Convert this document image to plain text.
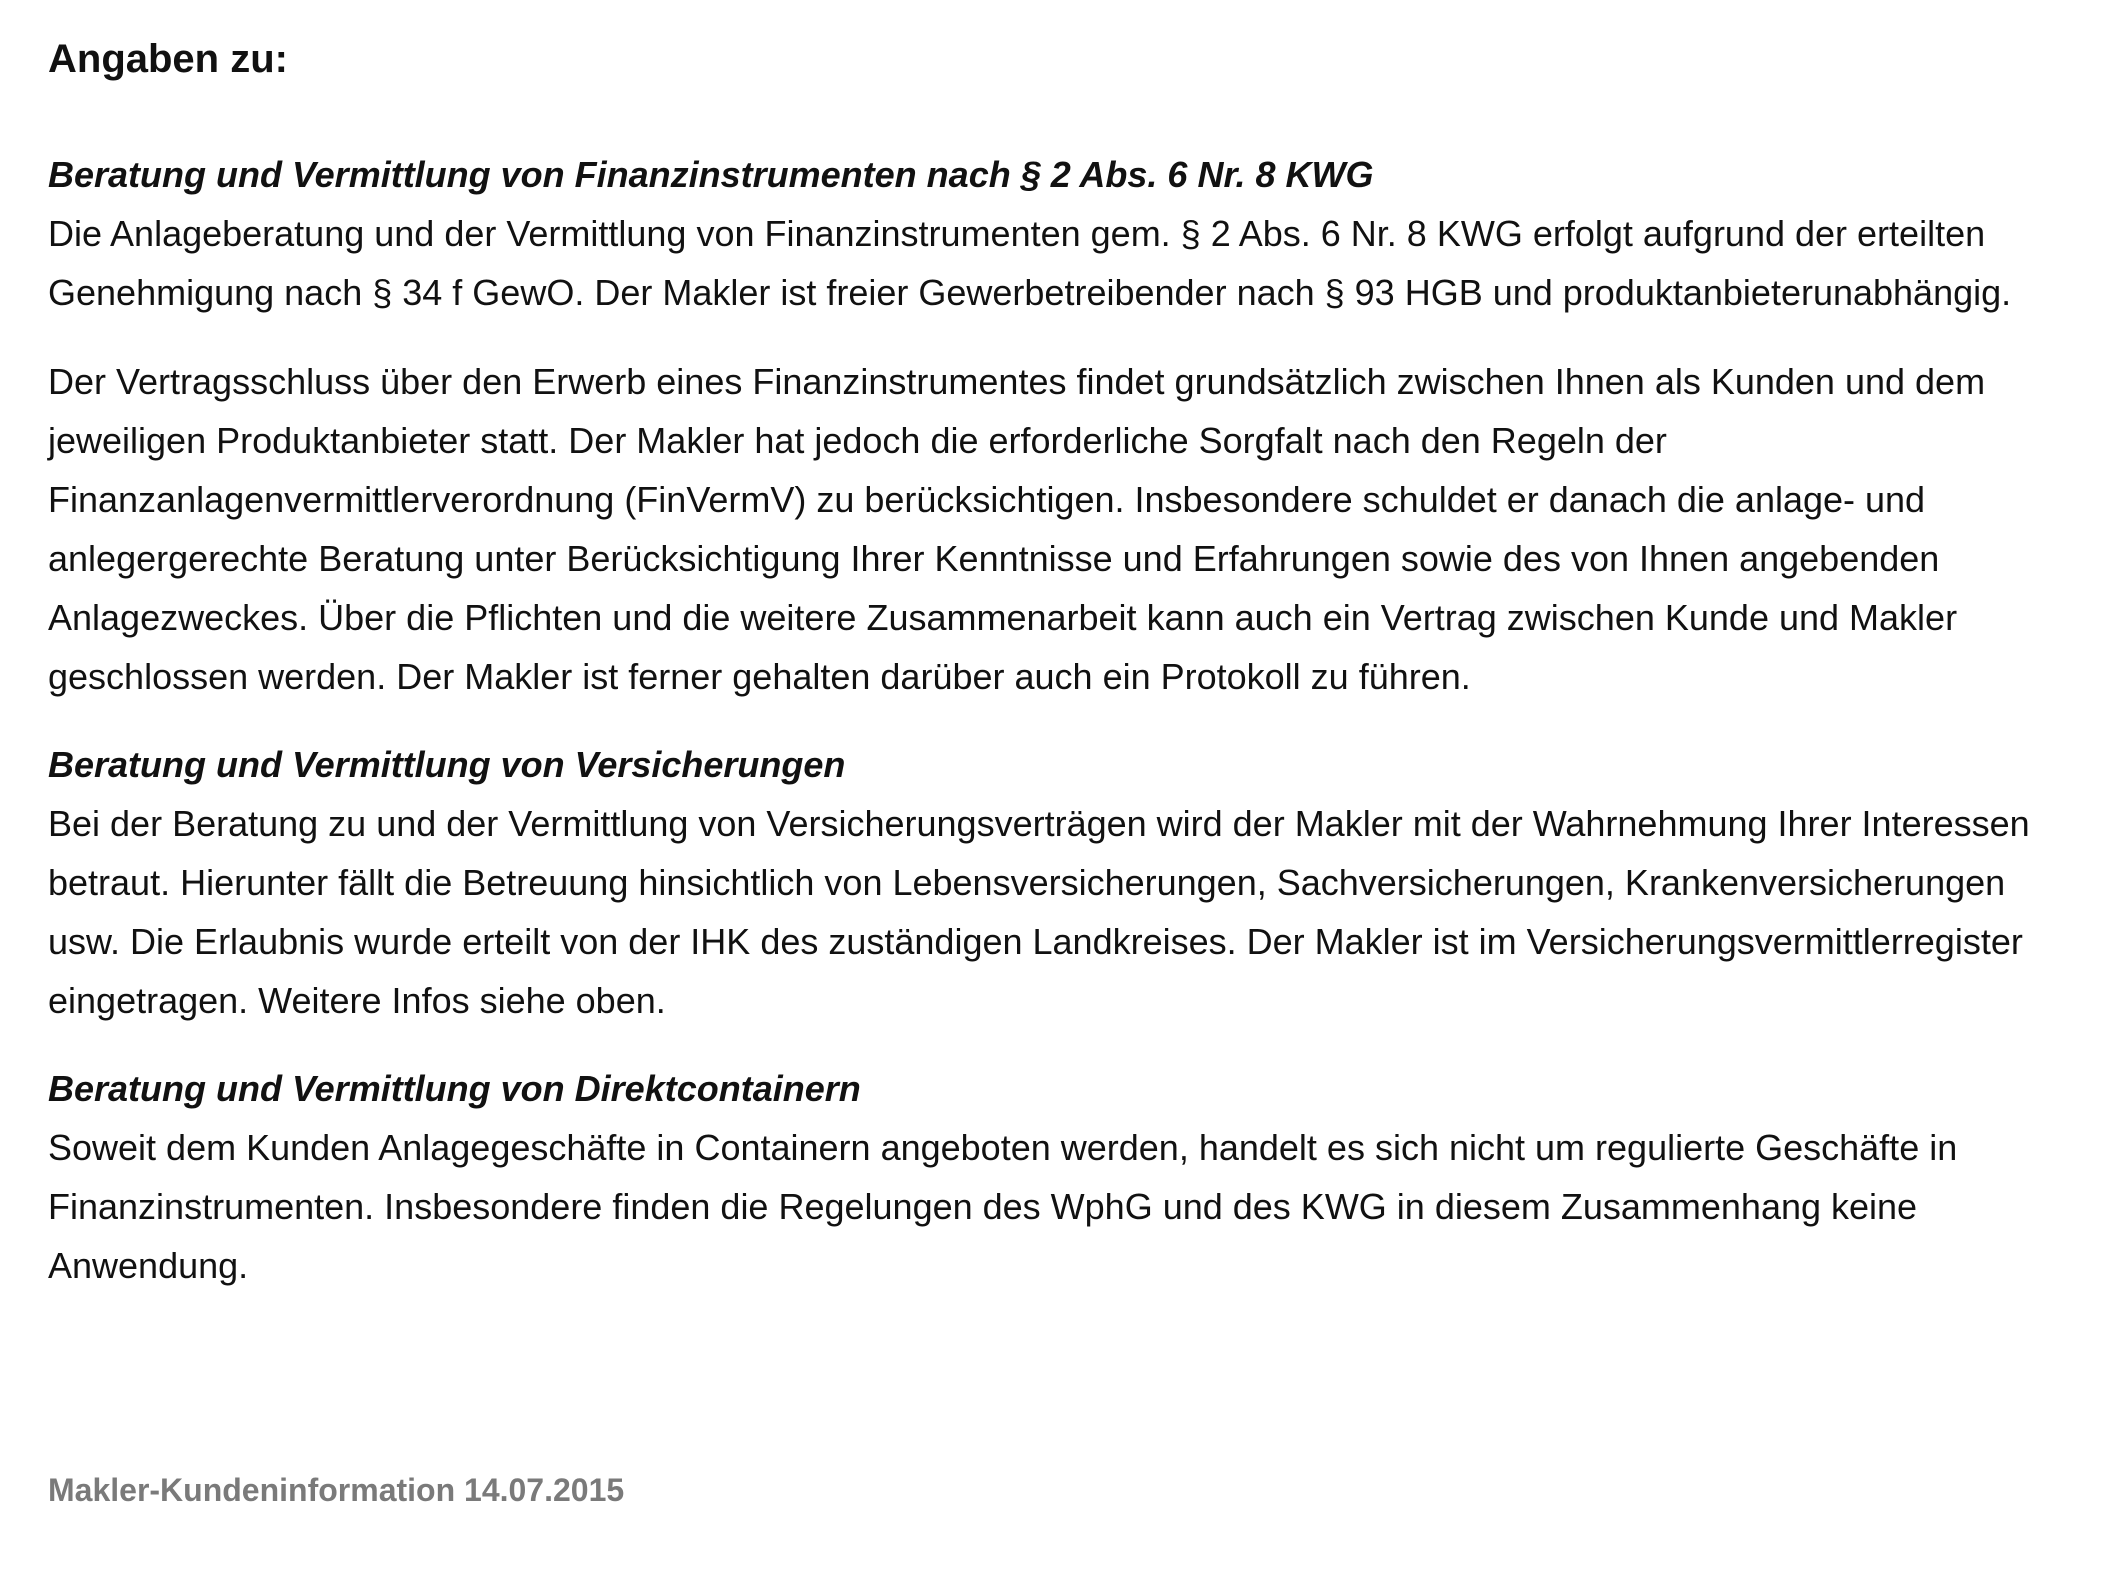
Angaben zu:
Beratung und Vermittlung von Finanzinstrumenten nach § 2 Abs. 6 Nr. 8 KWG

Die Anlageberatung und der Vermittlung von Finanzinstrumenten gem. § 2 Abs. 6 Nr. 8 KWG erfolgt aufgrund der erteilten Genehmigung nach § 34 f GewO. Der Makler ist freier Gewerbetreibender nach § 93 HGB und produktanbieterunabhängig.

Der Vertragsschluss über den Erwerb eines Finanzinstrumentes findet grundsätzlich zwischen Ihnen als Kunden und dem jeweiligen Produktanbieter statt. Der Makler hat jedoch die erforderliche Sorgfalt nach den Regeln der Finanzanlagenvermittlerverordnung (FinVermV) zu berücksichtigen. Insbesondere schuldet er danach die anlage- und anlegergerechte Beratung unter Berücksichtigung Ihrer Kenntnisse und Erfahrungen sowie des von Ihnen angebenden Anlagezweckes. Über die Pflichten und die weitere Zusammenarbeit kann auch ein Vertrag zwischen Kunde und Makler geschlossen werden. Der Makler ist ferner gehalten darüber auch ein Protokoll zu führen.

Beratung und Vermittlung von Versicherungen

Bei der Beratung zu und der Vermittlung von Versicherungsverträgen wird der Makler mit der Wahrnehmung Ihrer Interessen betraut. Hierunter fällt die Betreuung hinsichtlich von Lebensversicherungen, Sachversicherungen, Krankenversicherungen usw. Die Erlaubnis wurde erteilt von der IHK des zuständigen Landkreises. Der Makler ist im Versicherungsvermittlerregister eingetragen. Weitere Infos siehe oben.

Beratung und Vermittlung von Direktcontainern

Soweit dem Kunden Anlagegeschäfte in Containern angeboten werden, handelt es sich nicht um regulierte Geschäfte in Finanzinstrumenten. Insbesondere finden die Regelungen des WphG und des KWG in diesem Zusammenhang keine Anwendung.

Makler-Kundeninformation 14.07.2015
